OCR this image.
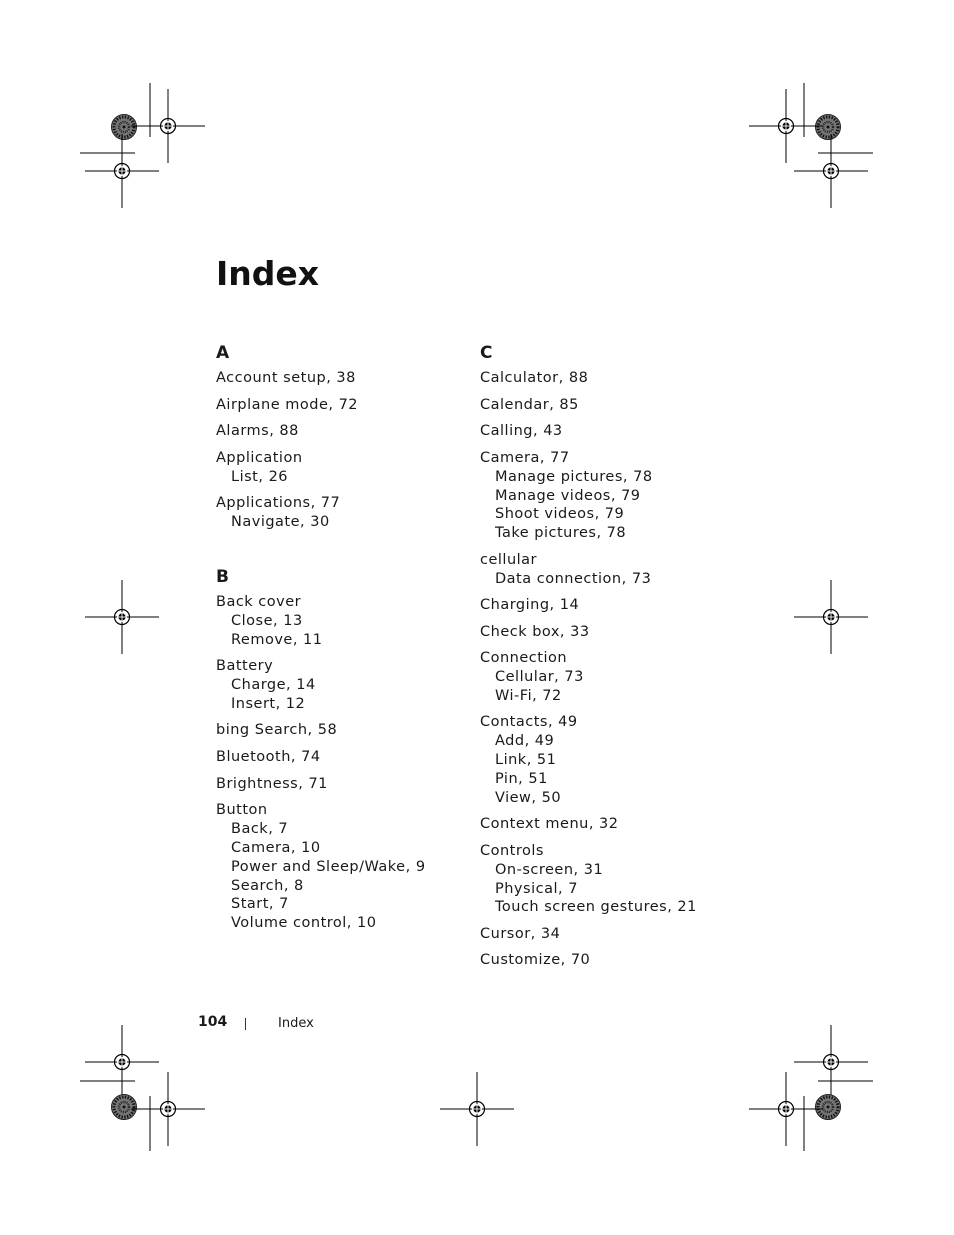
Index
A
Account setup, 38
Airplane mode, 72
Alarms, 88
Application
List, 26
Applications, 77
Navigate, 30
B
Back cover
Close, 13
Remove, 11
Battery
Charge, 14
Insert, 12
bing Search, 58
Bluetooth, 74
Brightness, 71
Button
Back, 7
Camera, 10
Power and Sleep/Wake, 9
Search, 8
Start, 7
Volume control, 10
C
Calculator, 88
Calendar, 85
Calling, 43
Camera, 77
Manage pictures, 78
Manage videos, 79
Shoot videos, 79
Take pictures, 78
cellular
Data connection, 73
Charging, 14
Check box, 33
Connection
Cellular, 73
Wi-Fi, 72
Contacts, 49
Add, 49
Link, 51
Pin, 51
View, 50
Context menu, 32
Controls
On-screen, 31
Physical, 7
Touch screen gestures, 21
Cursor, 34
Customize, 70
104	Index
